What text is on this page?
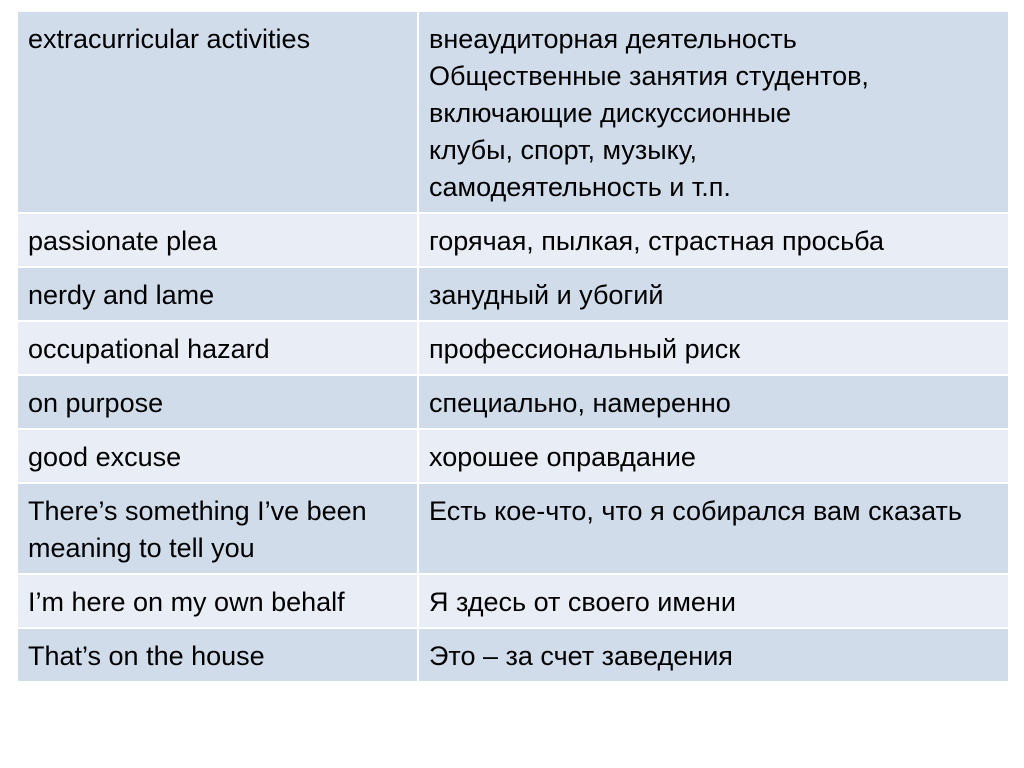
extracurricular activities	внеаудиторная деятельность
Общественные занятия студентов,
включающие дискуссионные
клубы, спорт, музыку,
самодеятельность и т.п.

passionate plea	горячая, пылкая, страстная просьба
nerdy and lame	занудный и убогий
occupational hazard	профессиональный риск
on purpose	специально, намеренно
good excuse	хорошее оправдание
There’s something I’ve been meaning to tell you	Есть кое-что, что я собирался вам сказать
I’m here on my own behalf	Я здесь от своего имени
That’s on the house	Это – за счет заведения
